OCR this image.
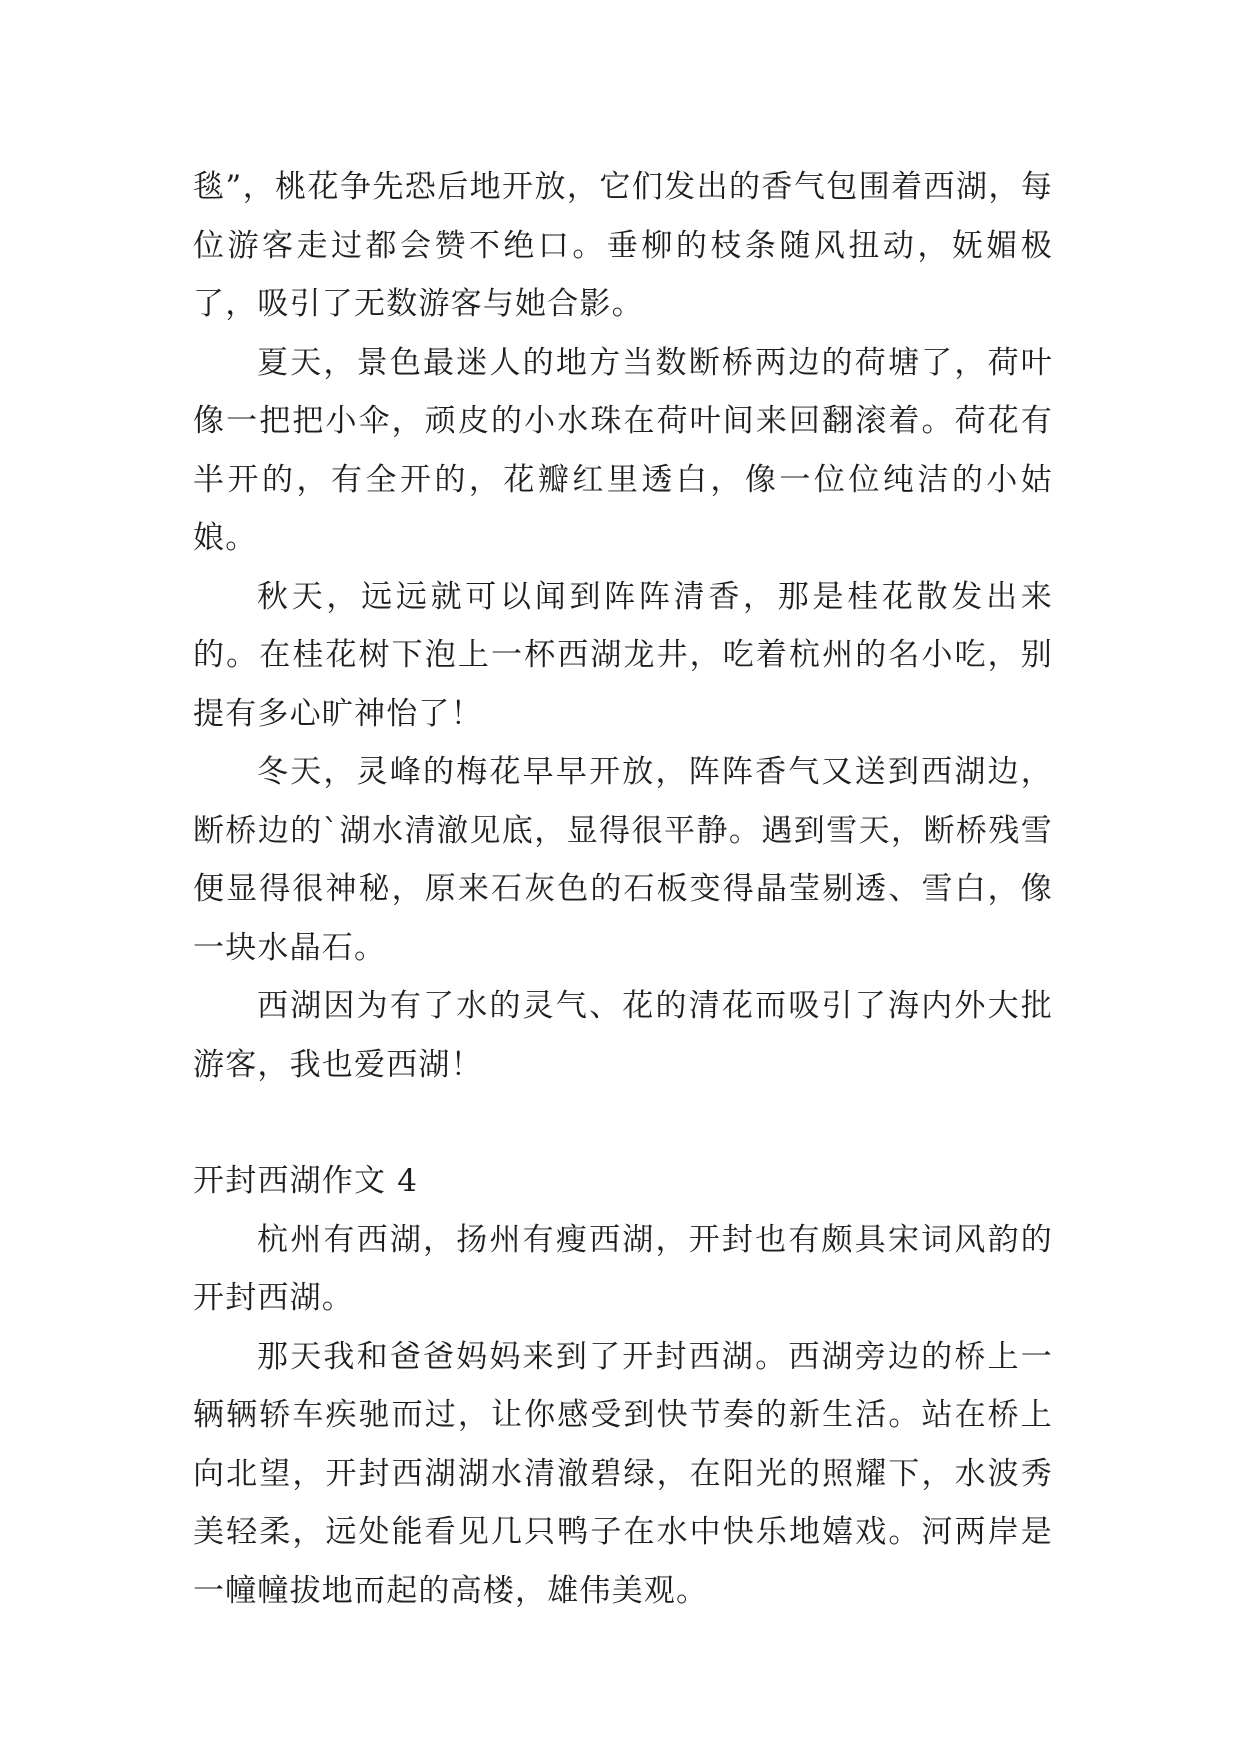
毯”，桃花争先恐后地开放，它们发出的香气包围着西湖，每位游客走过都会赞不绝口。垂柳的枝条随风扭动，妩媚极了，吸引了无数游客与她合影。

夏天，景色最迷人的地方当数断桥两边的荷塘了，荷叶像一把把小伞，顽皮的小水珠在荷叶间来回翻滚着。荷花有半开的，有全开的，花瓣红里透白，像一位位纯洁的小姑娘。

秋天，远远就可以闻到阵阵清香，那是桂花散发出来的。在桂花树下泡上一杯西湖龙井，吃着杭州的名小吃，别提有多心旷神怡了！

冬天，灵峰的梅花早早开放，阵阵香气又送到西湖边，断桥边的`湖水清澈见底，显得很平静。遇到雪天，断桥残雪便显得很神秘，原来石灰色的石板变得晶莹剔透、雪白，像一块水晶石。

西湖因为有了水的灵气、花的清花而吸引了海内外大批游客，我也爱西湖！

开封西湖作文 4

杭州有西湖，扬州有瘦西湖，开封也有颇具宋词风韵的开封西湖。

那天我和爸爸妈妈来到了开封西湖。西湖旁边的桥上一辆辆轿车疾驰而过，让你感受到快节奏的新生活。站在桥上向北望，开封西湖湖水清澈碧绿，在阳光的照耀下，水波秀美轻柔，远处能看见几只鸭子在水中快乐地嬉戏。河两岸是一幢幢拔地而起的高楼，雄伟美观。
